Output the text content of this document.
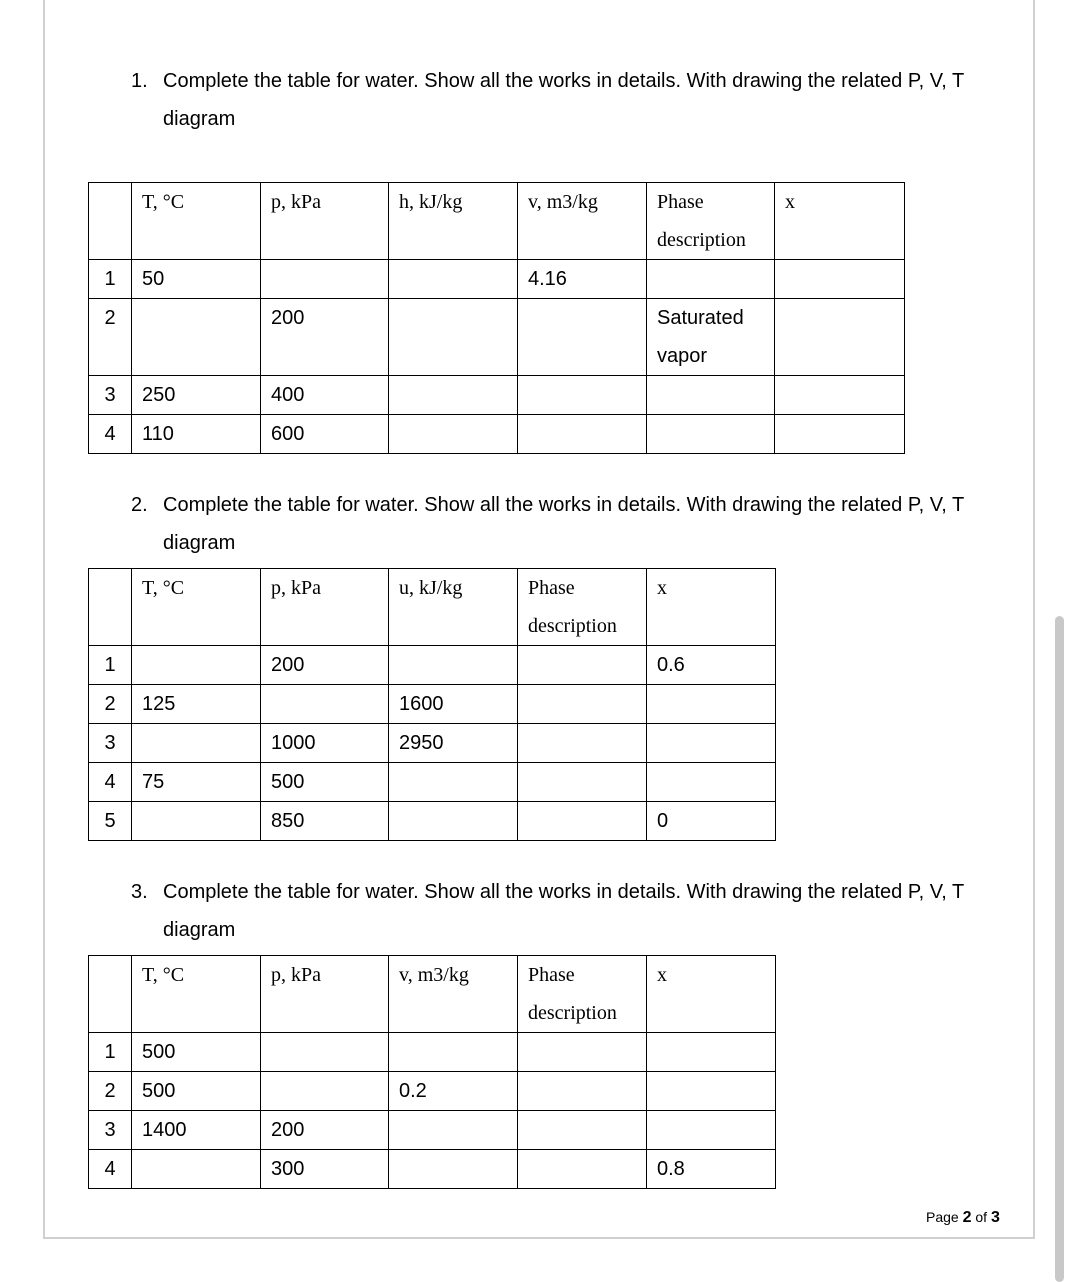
1. Complete the table for water. Show all the works in details. With drawing the related P, V, T diagram
	T, °C	p, kPa	h, kJ/kg	v, m3/kg	Phase description	x
1	50			4.16		
2		200			Saturated vapor	
3	250	400				
4	110	600				
2. Complete the table for water. Show all the works in details. With drawing the related P, V, T diagram
	T, °C	p, kPa	u, kJ/kg	Phase description	x
1		200			0.6
2	125		1600		
3		1000	2950		
4	75	500			
5		850			0
3. Complete the table for water. Show all the works in details. With drawing the related P, V, T diagram
	T, °C	p, kPa	v, m3/kg	Phase description	x
1	500				
2	500		0.2		
3	1400	200			
4		300			0.8
Page 2 of 3
